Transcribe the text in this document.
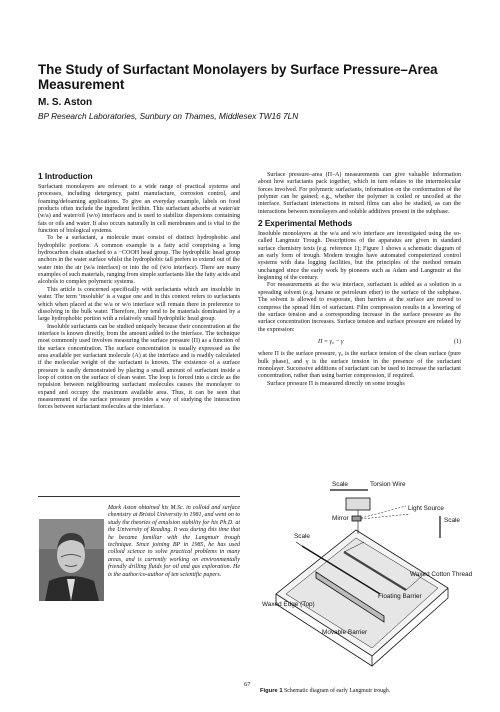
The Study of Surfactant Monolayers by Surface Pressure–Area Measurement

M. S. Aston

BP Research Laboratories, Sunbury on Thames, Middlesex TW16 7LN

1 Introduction

Surfactant monolayers are relevant to a wide range of practical systems and processes, including detergency, paint manufacture, corrosion control, and foaming/defoaming applications. To give an everyday example, labels on food products often include the ingredient lecithin. This surfactant adsorbs at water/air (w/a) and water/oil (w/o) interfaces and is used to stabilize dispersions containing fats or oils and water. It also occurs naturally in cell membranes and is vital to the function of biological systems.

To be a surfactant, a molecule must consist of distinct hydrophobic and hydrophilic portions. A common example is a fatty acid comprising a long hydrocarbon chain attached to a −COOH head group. The hydrophilic head group anchors in the water surface whilst the hydrophobic tail prefers to extend out of the water into the air (w/a interface) or into the oil (w/o interface). There are many examples of such materials, ranging from simple surfactants like the fatty acids and alcohols to complex polymeric systems.

This article is concerned specifically with surfactants which are insoluble in water. The term ‘insoluble’ is a vague one and in this context refers to surfactants which when placed at the w/a or w/o interface will remain there in preference to dissolving in the bulk water. Therefore, they tend to be materials dominated by a large hydrophobic portion with a relatively small hydrophilic head group.

Insoluble surfactants can be studied uniquely because their concentration at the interface is known directly, from the amount added to the interface. The technique most commonly used involves measuring the surface pressure (Π) as a function of the surface concentration. The surface concentration is usually expressed as the area available per surfactant molecule (A) at the interface and is readily calculated if the molecular weight of the surfactant is known. The existence of a surface pressure is easily demonstrated by placing a small amount of surfactant inside a loop of cotton on the surface of clean water. The loop is forced into a circle as the repulsion between neighbouring surfactant molecules causes the monolayer to expand and occupy the maximum available area. Thus, it can be seen that measurement of the surface pressure provides a way of studying the interaction forces between surfactant molecules at the interface.

Mark Aston obtained his M.Sc. in colloid and surface chemistry at Bristol University in 1981, and went on to study the theories of emulsion stability for his Ph.D. at the University of Reading. It was during this time that he became familiar with the Langmuir trough technique. Since joining BP in 1985, he has used colloid science to solve practical problems in many areas, and is currently working on environmentally friendly drilling fluids for oil and gas exploration. He is the author/co-author of ten scientific papers.

Surface pressure–area (Π–A) measurements can give valuable information about how surfactants pack together, which in turn relates to the intermolecular forces involved. For polymeric surfactants, information on the conformation of the polymer can be gained; e.g., whether the polymer is coiled or uncoiled at the interface. Surfactant interactions in mixed films can also be studied, as can the interactions between monolayers and soluble additives present in the subphase.

2 Experimental Methods

Insoluble monolayers at the w/a and w/o interface are investigated using the so-called Langmuir Trough. Descriptions of the apparatus are given in standard surface chemistry texts (e.g. reference 1); Figure 1 shows a schematic diagram of an early form of trough. Modern troughs have automated computerized control systems with data logging facilities, but the principles of the method remain unchanged since the early work by pioneers such as Adam and Langmuir at the beginning of the century.

For measurements at the w/a interface, surfactant is added as a solution in a spreading solvent (e.g. hexane or petroleum ether) to the surface of the subphase. The solvent is allowed to evaporate, then barriers at the surface are moved to compress the spread film of surfactant. Film compression results in a lowering of the surface tension and a corresponding increase in the surface pressure as the surface concentration increases. Surface tension and surface pressure are related by the expression:

Π = γ₀ − γ	(1)

where Π is the surface pressure, γ₀ is the surface tension of the clean surface (pure bulk phase), and γ is the surface tension in the presence of the surfactant monolayer. Successive additions of surfactant can be used to increase the surfactant concentration, rather than using barrier compression, if required.

Surface pressure Π is measured directly on some troughs

Scale	Torsion Wire
Mirror
Light Source
Scale
Scale
Waxed Cotton Thread
Floating Barrier
Waxed Edge (Top)
Movable Barrier
Figure 1 Schematic diagram of early Langmuir trough.
67
